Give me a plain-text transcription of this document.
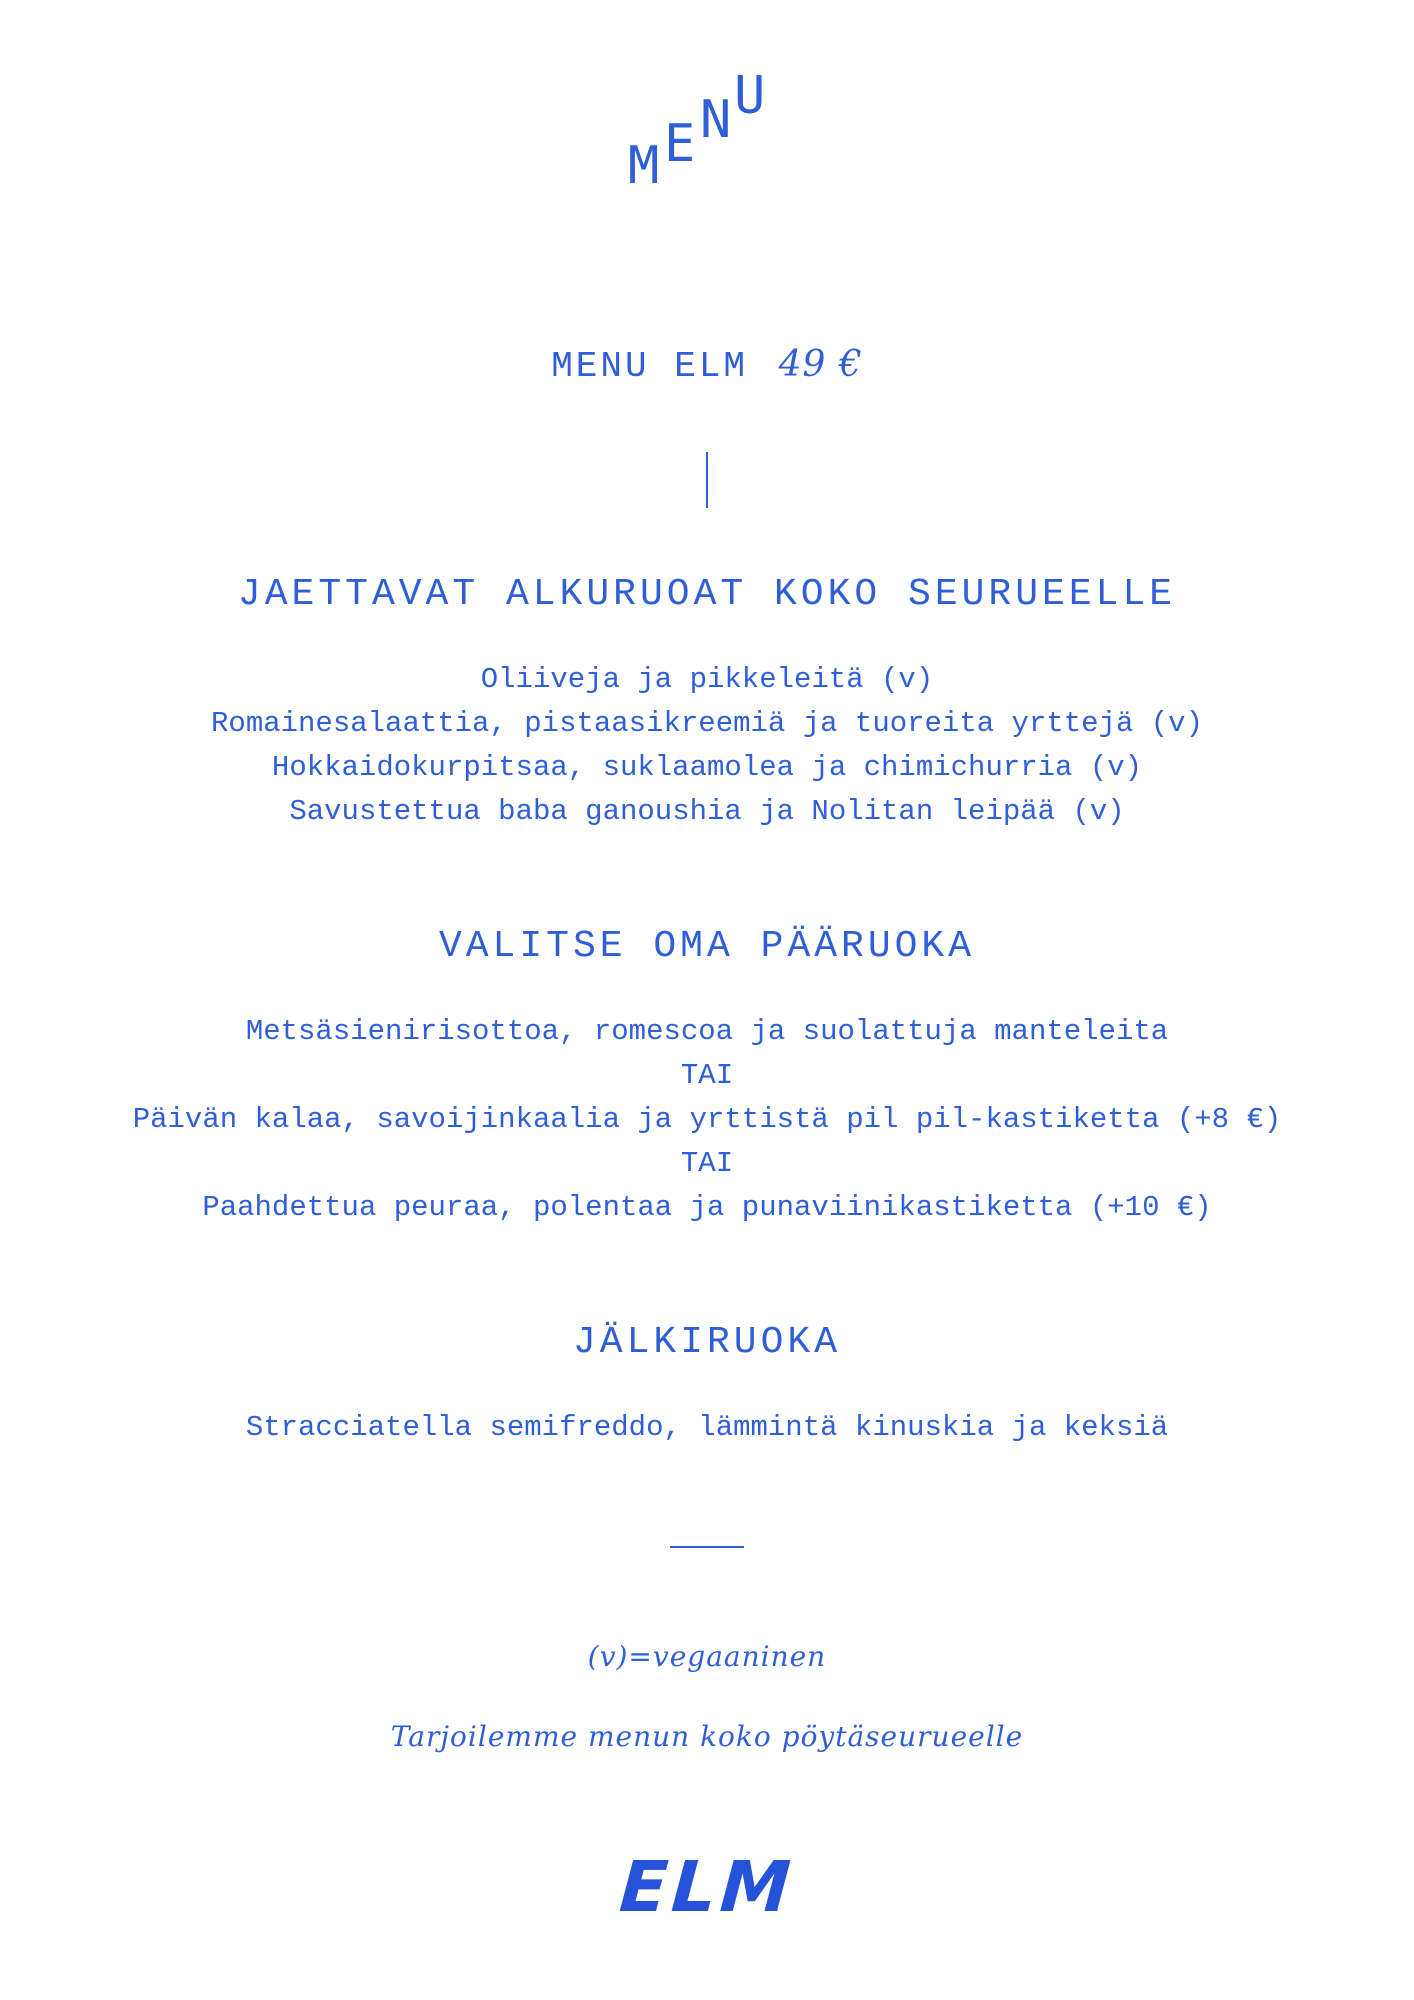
M E N U
MENU ELM 49 €
JAETTAVAT ALKURUOAT KOKO SEURUEELLE
Oliiveja ja pikkeleitä (v)
Romainesalaattia, pistaasikreemiä ja tuoreita yrttejä (v)
Hokkaidokurpitsaa, suklaamolea ja chimichurria (v)
Savustettua baba ganoushia ja Nolitan leipää (v)
VALITSE OMA PÄÄRUOKA
Metsäsienirisottoa, romescoa ja suolattuja manteleita
TAI
Päivän kalaa, savoijinkaalia ja yrttistä pil pil-kastiketta (+8 €)
TAI
Paahdettua peuraa, polentaa ja punaviinikastiketta (+10 €)
JÄLKIRUOKA
Stracciatella semifreddo, lämmintä kinuskia ja keksiä
(v)=vegaaninen
Tarjoilemme menun koko pöytäseurueelle
ELM
